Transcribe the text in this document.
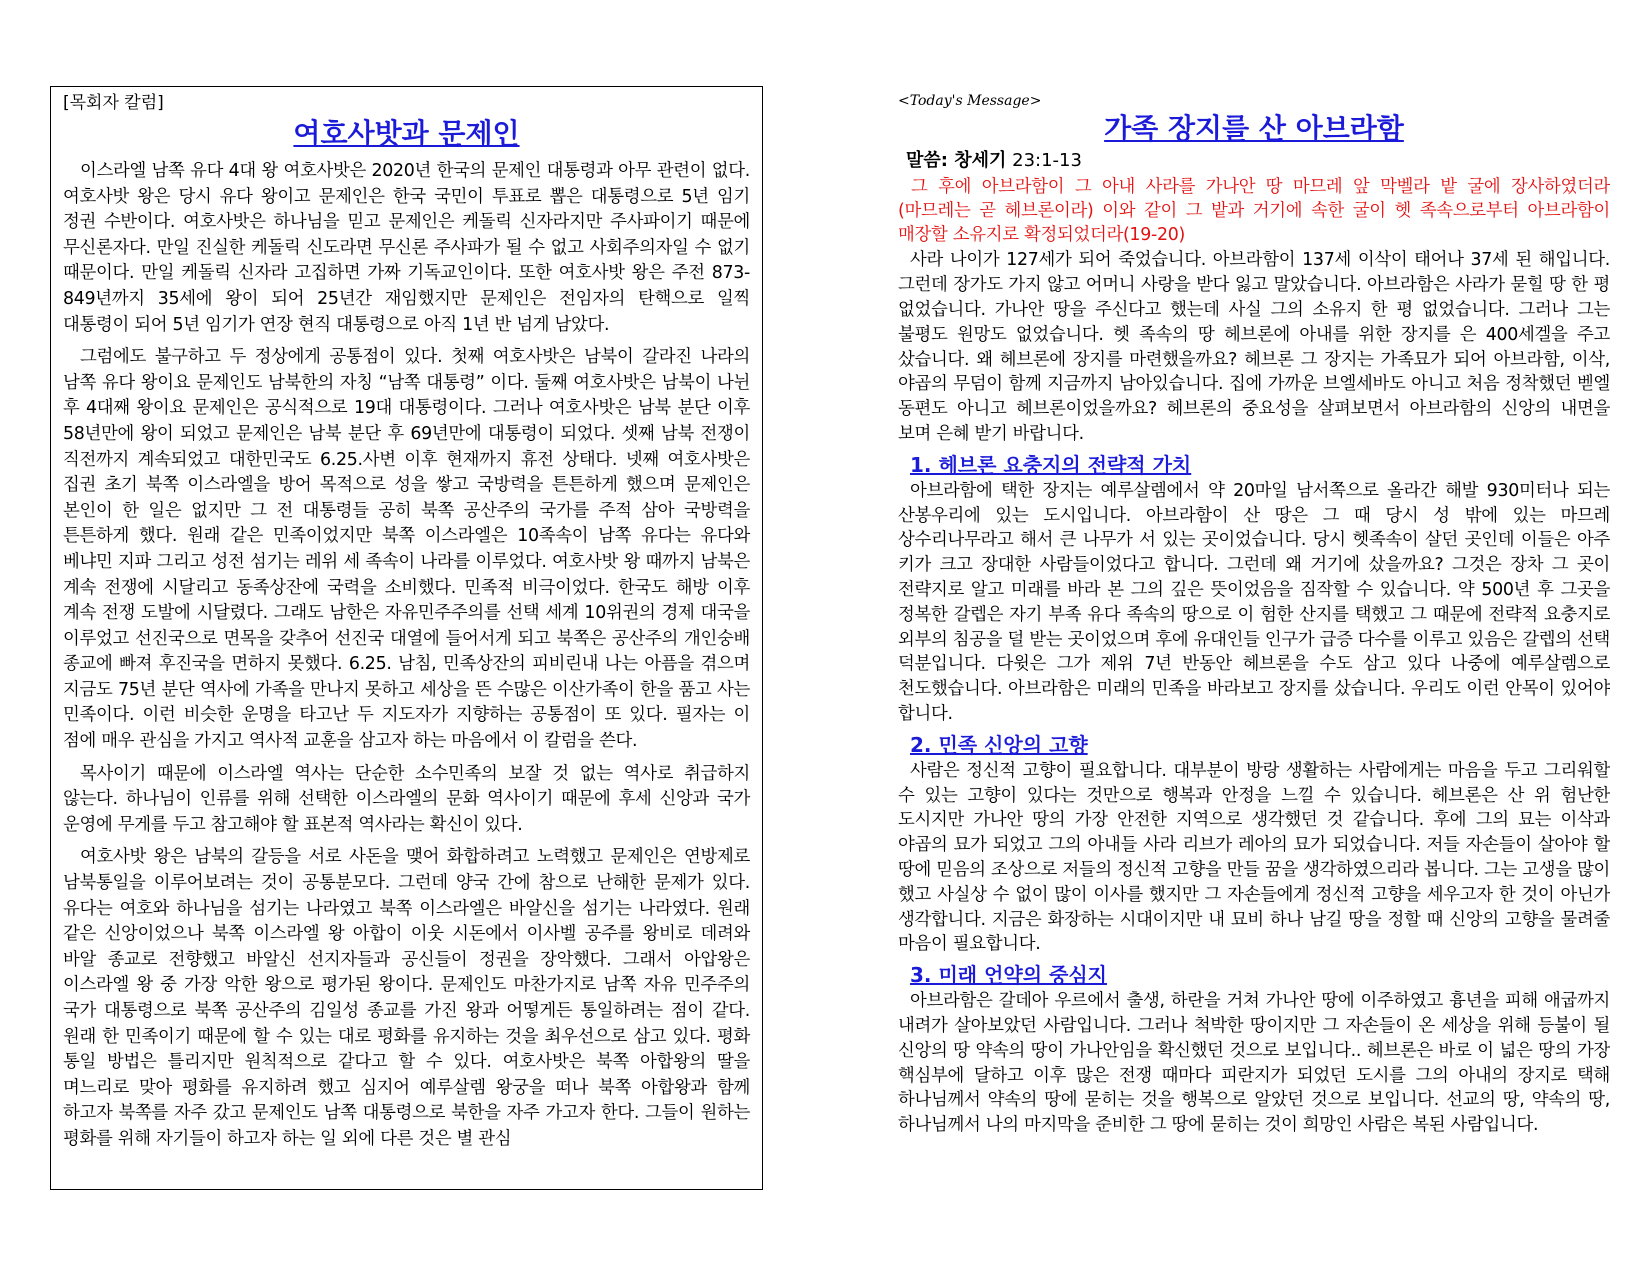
[목회자 칼럼]
여호사밧과 문제인

이스라엘 남쪽 유다 4대 왕 여호사밧은 2020년 한국의 문제인 대통령과 아무 관련이 없다. 여호사밧 왕은 당시 유다 왕이고 문제인은 한국 국민이 투표로 뽑은 대통령으로 5년 임기 정권 수반이다. 여호사밧은 하나님을 믿고 문제인은 케돌릭 신자라지만 주사파이기 때문에 무신론자다. 만일 진실한 케돌릭 신도라면 무신론 주사파가 될 수 없고 사회주의자일 수 없기 때문이다. 만일 케돌릭 신자라 고집하면 가짜 기독교인이다. 또한 여호사밧 왕은 주전 873-849년까지 35세에 왕이 되어 25년간 재임했지만 문제인은 전임자의 탄핵으로 일찍 대통령이 되어 5년 임기가 연장 현직 대통령으로 아직 1년 반 넘게 남았다.

그럼에도 불구하고 두 정상에게 공통점이 있다. 첫째 여호사밧은 남북이 갈라진 나라의 남쪽 유다 왕이요 문제인도 남북한의 자칭 “남쪽 대통령” 이다. 둘째 여호사밧은 남북이 나뉜 후 4대째 왕이요 문제인은 공식적으로 19대 대통령이다. 그러나 여호사밧은 남북 분단 이후 58년만에 왕이 되었고 문제인은 남북 분단 후 69년만에 대통령이 되었다. 셋째 남북 전쟁이 직전까지 계속되었고 대한민국도 6.25.사변 이후 현재까지 휴전 상태다. 넷째 여호사밧은 집권 초기 북쪽 이스라엘을 방어 목적으로 성을 쌓고 국방력을 튼튼하게 했으며 문제인은 본인이 한 일은 없지만 그 전 대통령들 공히 북쪽 공산주의 국가를 주적 삼아 국방력을 튼튼하게 했다. 원래 같은 민족이었지만 북쪽 이스라엘은 10족속이 남쪽 유다는 유다와 베냐민 지파 그리고 성전 섬기는 레위 세 족속이 나라를 이루었다. 여호사밧 왕 때까지 남북은 계속 전쟁에 시달리고 동족상잔에 국력을 소비했다. 민족적 비극이었다. 한국도 해방 이후 계속 전쟁 도발에 시달렸다. 그래도 남한은 자유민주주의를 선택 세계 10위권의 경제 대국을 이루었고 선진국으로 면목을 갖추어 선진국 대열에 들어서게 되고 북쪽은 공산주의 개인숭배 종교에 빠져 후진국을 면하지 못했다. 6.25. 남침, 민족상잔의 피비린내 나는 아픔을 겪으며 지금도 75년 분단 역사에 가족을 만나지 못하고 세상을 뜬 수많은 이산가족이 한을 품고 사는 민족이다. 이런 비슷한 운명을 타고난 두 지도자가 지향하는 공통점이 또 있다. 필자는 이 점에 매우 관심을 가지고 역사적 교훈을 삼고자 하는 마음에서 이 칼럼을 쓴다.

목사이기 때문에 이스라엘 역사는 단순한 소수민족의 보잘 것 없는 역사로 취급하지 않는다. 하나님이 인류를 위해 선택한 이스라엘의 문화 역사이기 때문에 후세 신앙과 국가 운영에 무게를 두고 참고해야 할 표본적 역사라는 확신이 있다.

여호사밧 왕은 남북의 갈등을 서로 사돈을 맺어 화합하려고 노력했고 문제인은 연방제로 남북통일을 이루어보려는 것이 공통분모다. 그런데 양국 간에 참으로 난해한 문제가 있다. 유다는 여호와 하나님을 섬기는 나라였고 북쪽 이스라엘은 바알신을 섬기는 나라였다. 원래 같은 신앙이었으나 북쪽 이스라엘 왕 아합이 이웃 시돈에서 이사벨 공주를 왕비로 데려와 바알 종교로 전향했고 바알신 선지자들과 공신들이 정권을 장악했다. 그래서 아압왕은 이스라엘 왕 중 가장 악한 왕으로 평가된 왕이다. 문제인도 마찬가지로 남쪽 자유 민주주의 국가 대통령으로 북쪽 공산주의 김일성 종교를 가진 왕과 어떻게든 통일하려는 점이 같다. 원래 한 민족이기 때문에 할 수 있는 대로 평화를 유지하는 것을 최우선으로 삼고 있다. 평화 통일 방법은 틀리지만 원칙적으로 같다고 할 수 있다. 여호사밧은 북쪽 아합왕의 딸을 며느리로 맞아 평화를 유지하려 했고 심지어 예루살렘 왕궁을 떠나 북쪽 아합왕과 함께 하고자 북쪽를 자주 갔고 문제인도 남쪽 대통령으로 북한을 자주 가고자 한다. 그들이 원하는 평화를 위해 자기들이 하고자 하는 일 외에 다른 것은 별 관심

<Today's Message>
가족 장지를 산 아브라함
말씀: 창세기 23:1-13

그 후에 아브라함이 그 아내 사라를 가나안 땅 마므레 앞 막벨라 밭 굴에 장사하였더라(마므레는 곧 헤브론이라) 이와 같이 그 밭과 거기에 속한 굴이 헷 족속으로부터 아브라함이 매장할 소유지로 확정되었더라(19-20)

사라 나이가 127세가 되어 죽었습니다. 아브라함이 137세 이삭이 태어나 37세 된 해입니다. 그런데 장가도 가지 않고 어머니 사랑을 받다 잃고 말았습니다. 아브라함은 사라가 묻힐 땅 한 평 없었습니다. 가나안 땅을 주신다고 했는데 사실 그의 소유지 한 평 없었습니다. 그러나 그는 불평도 원망도 없었습니다. 헷 족속의 땅 헤브론에 아내를 위한 장지를 은 400세겔을 주고 샀습니다. 왜 헤브론에 장지를 마련했을까요? 헤브론 그 장지는 가족묘가 되어 아브라함, 이삭, 야곱의 무덤이 함께 지금까지 남아있습니다. 집에 가까운 브엘세바도 아니고 처음 정착했던 벧엘 동편도 아니고 헤브론이었을까요? 헤브론의 중요성을 살펴보면서 아브라함의 신앙의 내면을 보며 은혜 받기 바랍니다.

1. 헤브론 요충지의 전략적 가치

아브라함에 택한 장지는 예루살렘에서 약 20마일 남서쪽으로 올라간 해발 930미터나 되는 산봉우리에 있는 도시입니다. 아브라함이 산 땅은 그 때 당시 성 밖에 있는 마므레 상수리나무라고 해서 큰 나무가 서 있는 곳이었습니다. 당시 헷족속이 살던 곳인데 이들은 아주 키가 크고 장대한 사람들이었다고 합니다. 그런데 왜 거기에 샀을까요? 그것은 장차 그 곳이 전략지로 알고 미래를 바라 본 그의 깊은 뜻이었음을 짐작할 수 있습니다. 약 500년 후 그곳을 정복한 갈렙은 자기 부족 유다 족속의 땅으로 이 험한 산지를 택했고 그 때문에 전략적 요충지로 외부의 침공을 덜 받는 곳이었으며 후에 유대인들 인구가 급증 다수를 이루고 있음은 갈렙의 선택 덕분입니다. 다윗은 그가 제위 7년 반동안 헤브론을 수도 삼고 있다 나중에 예루살렘으로 천도했습니다. 아브라함은 미래의 민족을 바라보고 장지를 샀습니다. 우리도 이런 안목이 있어야 합니다.

2. 민족 신앙의 고향

사람은 정신적 고향이 필요합니다. 대부분이 방랑 생활하는 사람에게는 마음을 두고 그리워할 수 있는 고향이 있다는 것만으로 행복과 안정을 느낄 수 있습니다. 헤브론은 산 위 험난한 도시지만 가나안 땅의 가장 안전한 지역으로 생각했던 것 같습니다. 후에 그의 묘는 이삭과 야곱의 묘가 되었고 그의 아내들 사라 리브가 레아의 묘가 되었습니다. 저들 자손들이 살아야 할 땅에 믿음의 조상으로 저들의 정신적 고향을 만들 꿈을 생각하였으리라 봅니다. 그는 고생을 많이 했고 사실상 수 없이 많이 이사를 했지만 그 자손들에게 정신적 고향을 세우고자 한 것이 아닌가 생각합니다. 지금은 화장하는 시대이지만 내 묘비 하나 남길 땅을 정할 때 신앙의 고향을 물려줄 마음이 필요합니다.

3. 미래 언약의 중심지

아브라함은 갈데아 우르에서 출생, 하란을 거쳐 가나안 땅에 이주하였고 흉년을 피해 애굽까지 내려가 살아보았던 사람입니다. 그러나 척박한 땅이지만 그 자손들이 온 세상을 위해 등불이 될 신앙의 땅 약속의 땅이 가나안임을 확신했던 것으로 보입니다.. 헤브론은 바로 이 넓은 땅의 가장 핵심부에 달하고 이후 많은 전쟁 때마다 피란지가 되었던 도시를 그의 아내의 장지로 택해 하나님께서 약속의 땅에 묻히는 것을 행복으로 알았던 것으로 보입니다. 선교의 땅, 약속의 땅, 하나님께서 나의 마지막을 준비한 그 땅에 묻히는 것이 희망인 사람은 복된 사람입니다.
